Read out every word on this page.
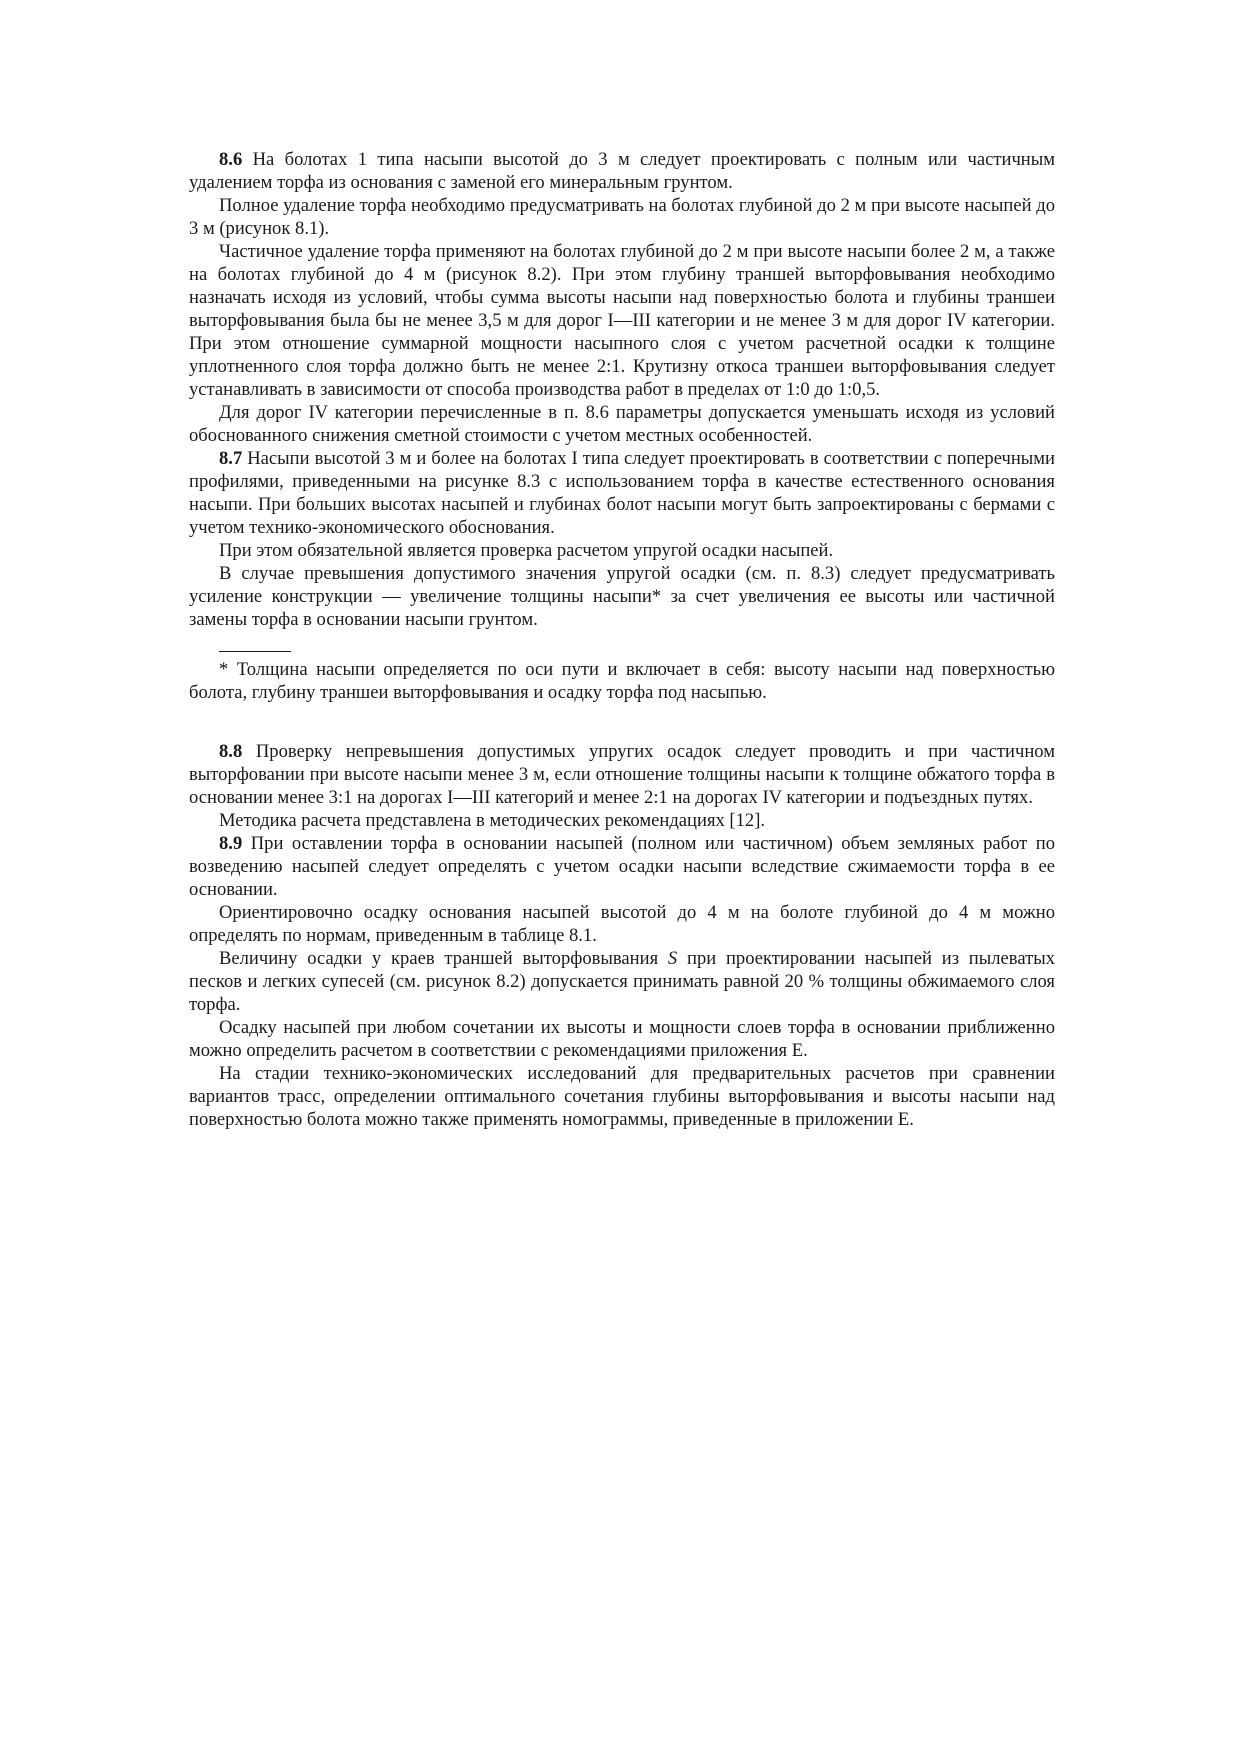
8.6 На болотах 1 типа насыпи высотой до 3 м следует проектировать с полным или частичным удалением торфа из основания с заменой его минеральным грунтом.

Полное удаление торфа необходимо предусматривать на болотах глубиной до 2 м при высоте насыпей до 3 м (рисунок 8.1).

Частичное удаление торфа применяют на болотах глубиной до 2 м при высоте насыпи более 2 м, а также на болотах глубиной до 4 м (рисунок 8.2). При этом глубину траншей выторфовывания необходимо назначать исходя из условий, чтобы сумма высоты насыпи над поверхностью болота и глубины траншеи выторфовывания была бы не менее 3,5 м для дорог I—III категории и не менее 3 м для дорог IV категории. При этом отношение суммарной мощности насыпного слоя с учетом расчетной осадки к толщине уплотненного слоя торфа должно быть не менее 2:1. Крутизну откоса траншеи выторфовывания следует устанавливать в зависимости от способа производства работ в пределах от 1:0 до 1:0,5.

Для дорог IV категории перечисленные в п. 8.6 параметры допускается уменьшать исходя из условий обоснованного снижения сметной стоимости с учетом местных особенностей.

8.7 Насыпи высотой 3 м и более на болотах I типа следует проектировать в соответствии с поперечными профилями, приведенными на рисунке 8.3 с использованием торфа в качестве естественного основания насыпи. При больших высотах насыпей и глубинах болот насыпи могут быть запроектированы с бермами с учетом технико-экономического обоснования.

При этом обязательной является проверка расчетом упругой осадки насыпей.

В случае превышения допустимого значения упругой осадки (см. п. 8.3) следует предусматривать усиление конструкции — увеличение толщины насыпи* за счет увеличения ее высоты или частичной замены торфа в основании насыпи грунтом.

* Толщина насыпи определяется по оси пути и включает в себя: высоту насыпи над поверхностью болота, глубину траншеи выторфовывания и осадку торфа под насыпью.

8.8 Проверку непревышения допустимых упругих осадок следует проводить и при частичном выторфовании при высоте насыпи менее 3 м, если отношение толщины насыпи к толщине обжатого торфа в основании менее 3:1 на дорогах I—III категорий и менее 2:1 на дорогах IV категории и подъездных путях.

Методика расчета представлена в методических рекомендациях [12].

8.9 При оставлении торфа в основании насыпей (полном или частичном) объем земляных работ по возведению насыпей следует определять с учетом осадки насыпи вследствие сжимаемости торфа в ее основании.

Ориентировочно осадку основания насыпей высотой до 4 м на болоте глубиной до 4 м можно определять по нормам, приведенным в таблице 8.1.

Величину осадки у краев траншей выторфовывания S при проектировании насыпей из пылеватых песков и легких супесей (см. рисунок 8.2) допускается принимать равной 20 % толщины обжимаемого слоя торфа.

Осадку насыпей при любом сочетании их высоты и мощности слоев торфа в основании приближенно можно определить расчетом в соответствии с рекомендациями приложения Е.

На стадии технико-экономических исследований для предварительных расчетов при сравнении вариантов трасс, определении оптимального сочетания глубины выторфовывания и высоты насыпи над поверхностью болота можно также применять номограммы, приведенные в приложении Е.
